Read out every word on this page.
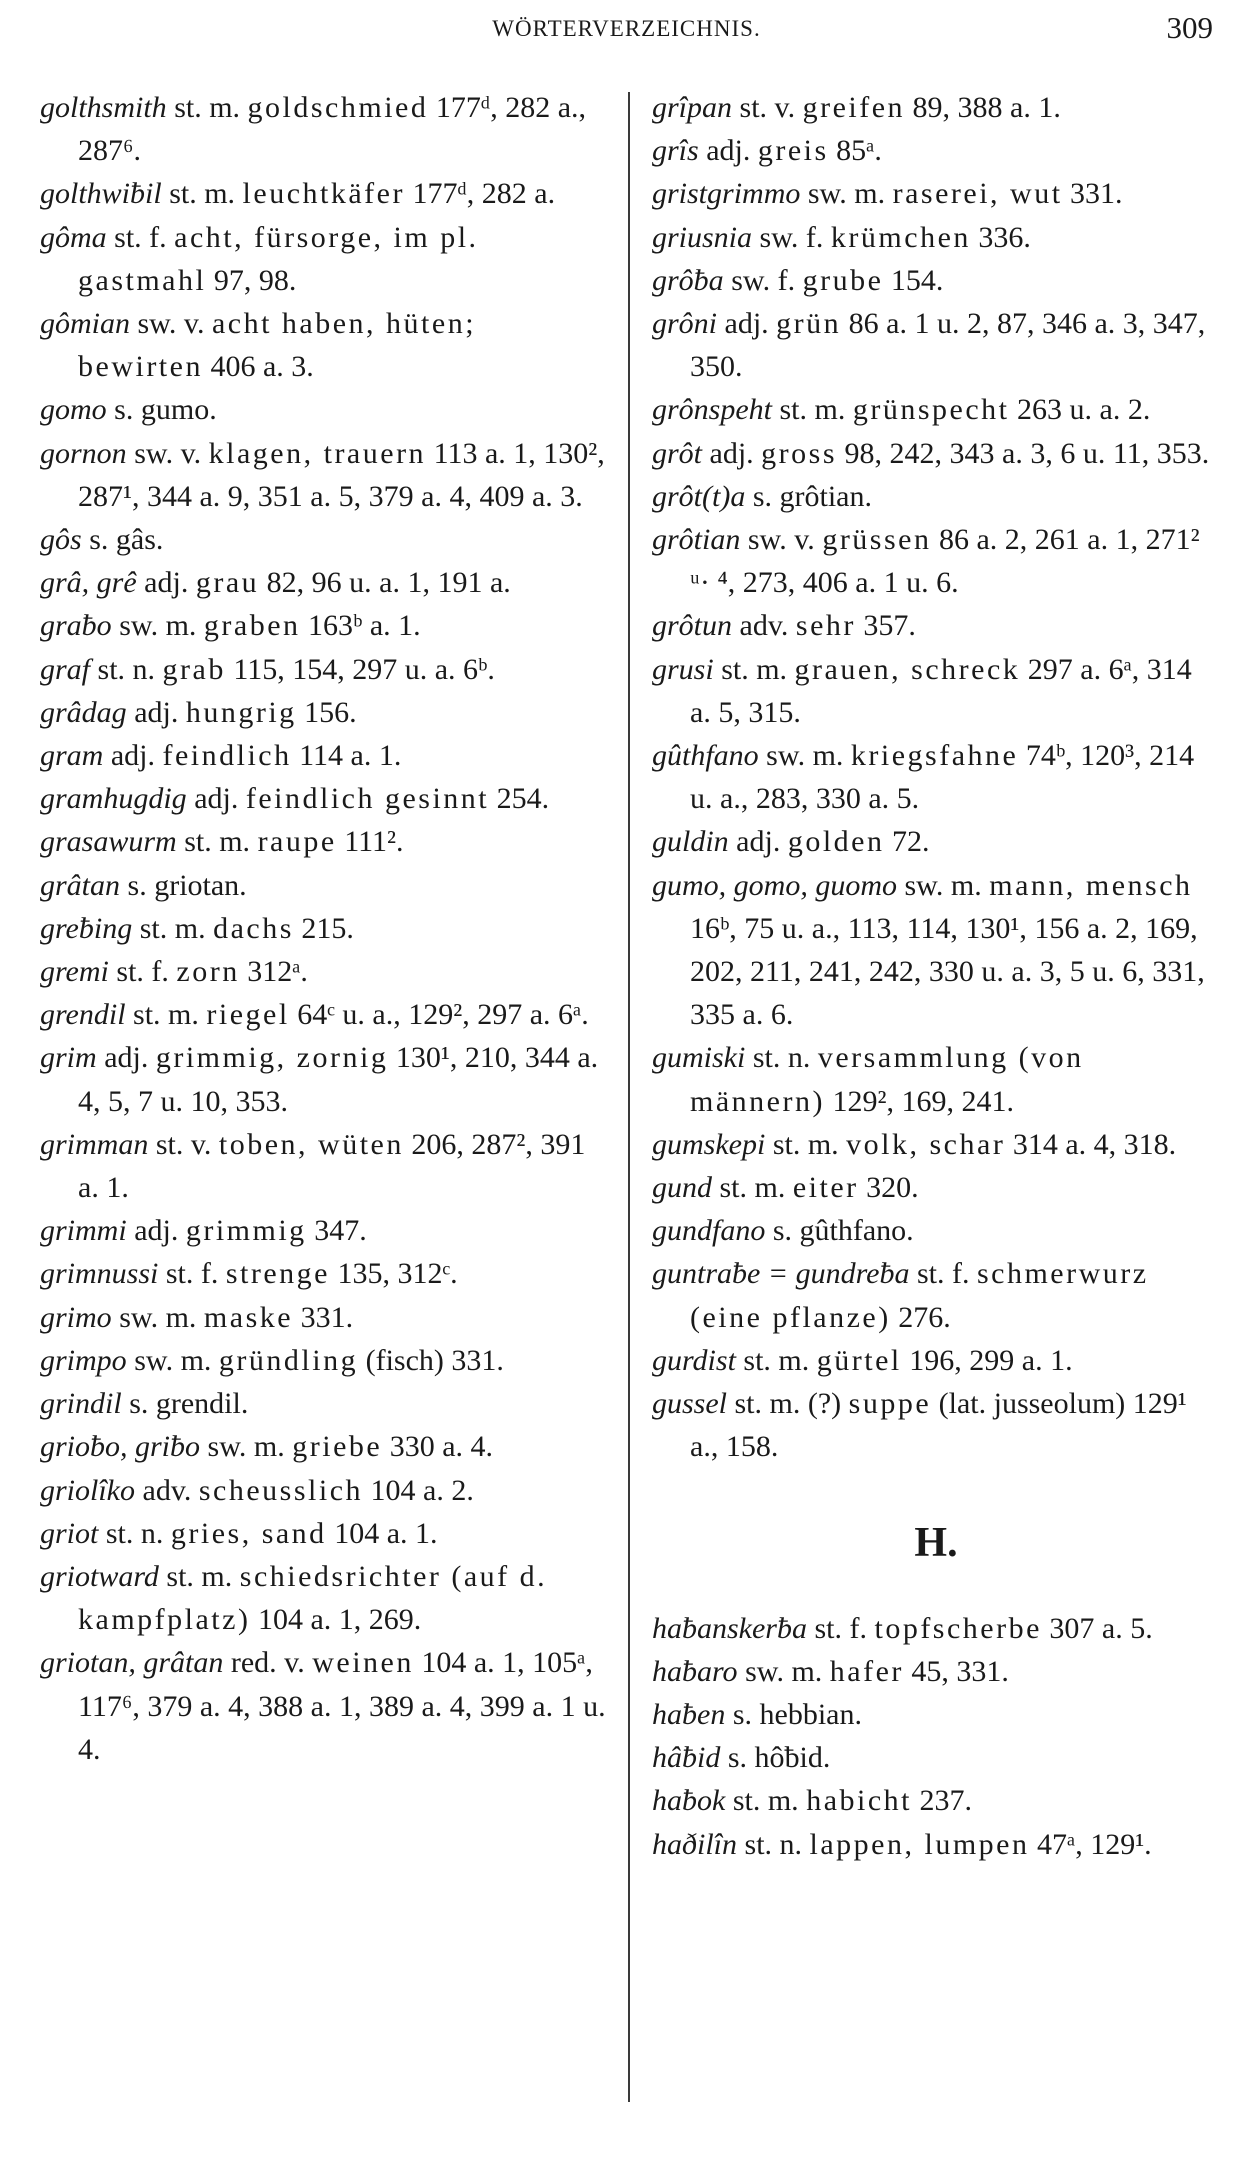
WÖRTERVERZEICHNIS.	309

golthsmith st. m. goldschmied 177ᵈ, 282 a., 287⁶.

golthwiƀil st. m. leuchtkäfer 177ᵈ, 282 a.

gôma st. f. acht, fürsorge, im pl. gastmahl 97, 98.

gômian sw. v. acht haben, hüten; bewirten 406 a. 3.

gomo s. gumo.

gornon sw. v. klagen, trauern 113 a. 1, 130², 287¹, 344 a. 9, 351 a. 5, 379 a. 4, 409 a. 3.

gôs s. gâs.

grâ, grê adj. grau 82, 96 u. a. 1, 191 a.

graƀo sw. m. graben 163ᵇ a. 1.

graf st. n. grab 115, 154, 297 u. a. 6ᵇ.

grâdag adj. hungrig 156.

gram adj. feindlich 114 a. 1.

gramhugdig adj. feindlich gesinnt 254.

grasawurm st. m. raupe 111².

grâtan s. griotan.

greƀing st. m. dachs 215.

gremi st. f. zorn 312ᵃ.

grendil st. m. riegel 64ᶜ u. a., 129², 297 a. 6ᵃ.

grim adj. grimmig, zornig 130¹, 210, 344 a. 4, 5, 7 u. 10, 353.

grimman st. v. toben, wüten 206, 287², 391 a. 1.

grimmi adj. grimmig 347.

grimnussi st. f. strenge 135, 312ᶜ.

grimo sw. m. maske 331.

grimpo sw. m. gründling (fisch) 331.

grindil s. grendil.

grioƀo, griƀo sw. m. griebe 330 a. 4.

griolîko adv. scheusslich 104 a. 2.

griot st. n. gries, sand 104 a. 1.

griotward st. m. schiedsrichter (auf d. kampfplatz) 104 a. 1, 269.

griotan, grâtan red. v. weinen 104 a. 1, 105ᵃ, 117⁶, 379 a. 4, 388 a. 1, 389 a. 4, 399 a. 1 u. 4.

grîpan st. v. greifen 89, 388 a. 1.

grîs adj. greis 85ᵃ.

gristgrimmo sw. m. raserei, wut 331.

griusnia sw. f. krümchen 336.

grôƀa sw. f. grube 154.

grôni adj. grün 86 a. 1 u. 2, 87, 346 a. 3, 347, 350.

grônspeht st. m. grünspecht 263 u. a. 2.

grôt adj. gross 98, 242, 343 a. 3, 6 u. 11, 353.

grôt(t)a s. grôtian.

grôtian sw. v. grüssen 86 a. 2, 261 a. 1, 271² ᵘ· ⁴, 273, 406 a. 1 u. 6.

grôtun adv. sehr 357.

grusi st. m. grauen, schreck 297 a. 6ᵃ, 314 a. 5, 315.

gûthfano sw. m. kriegsfahne 74ᵇ, 120³, 214 u. a., 283, 330 a. 5.

guldin adj. golden 72.

gumo, gomo, guomo sw. m. mann, mensch 16ᵇ, 75 u. a., 113, 114, 130¹, 156 a. 2, 169, 202, 211, 241, 242, 330 u. a. 3, 5 u. 6, 331, 335 a. 6.

gumiski st. n. versammlung (von männern) 129², 169, 241.

gumskepi st. m. volk, schar 314 a. 4, 318.

gund st. m. eiter 320.

gundfano s. gûthfano.

guntraƀe = gundreƀa st. f. schmerwurz (eine pflanze) 276.

gurdist st. m. gürtel 196, 299 a. 1.

gussel st. m. (?) suppe (lat. jusseolum) 129¹ a., 158.

H.

haƀanskerƀa st. f. topfscherbe 307 a. 5.

haƀaro sw. m. hafer 45, 331.

haƀen s. hebbian.

hâƀid s. hôƀid.

haƀok st. m. habicht 237.

haðilîn st. n. lappen, lumpen 47ᵃ, 129¹.
